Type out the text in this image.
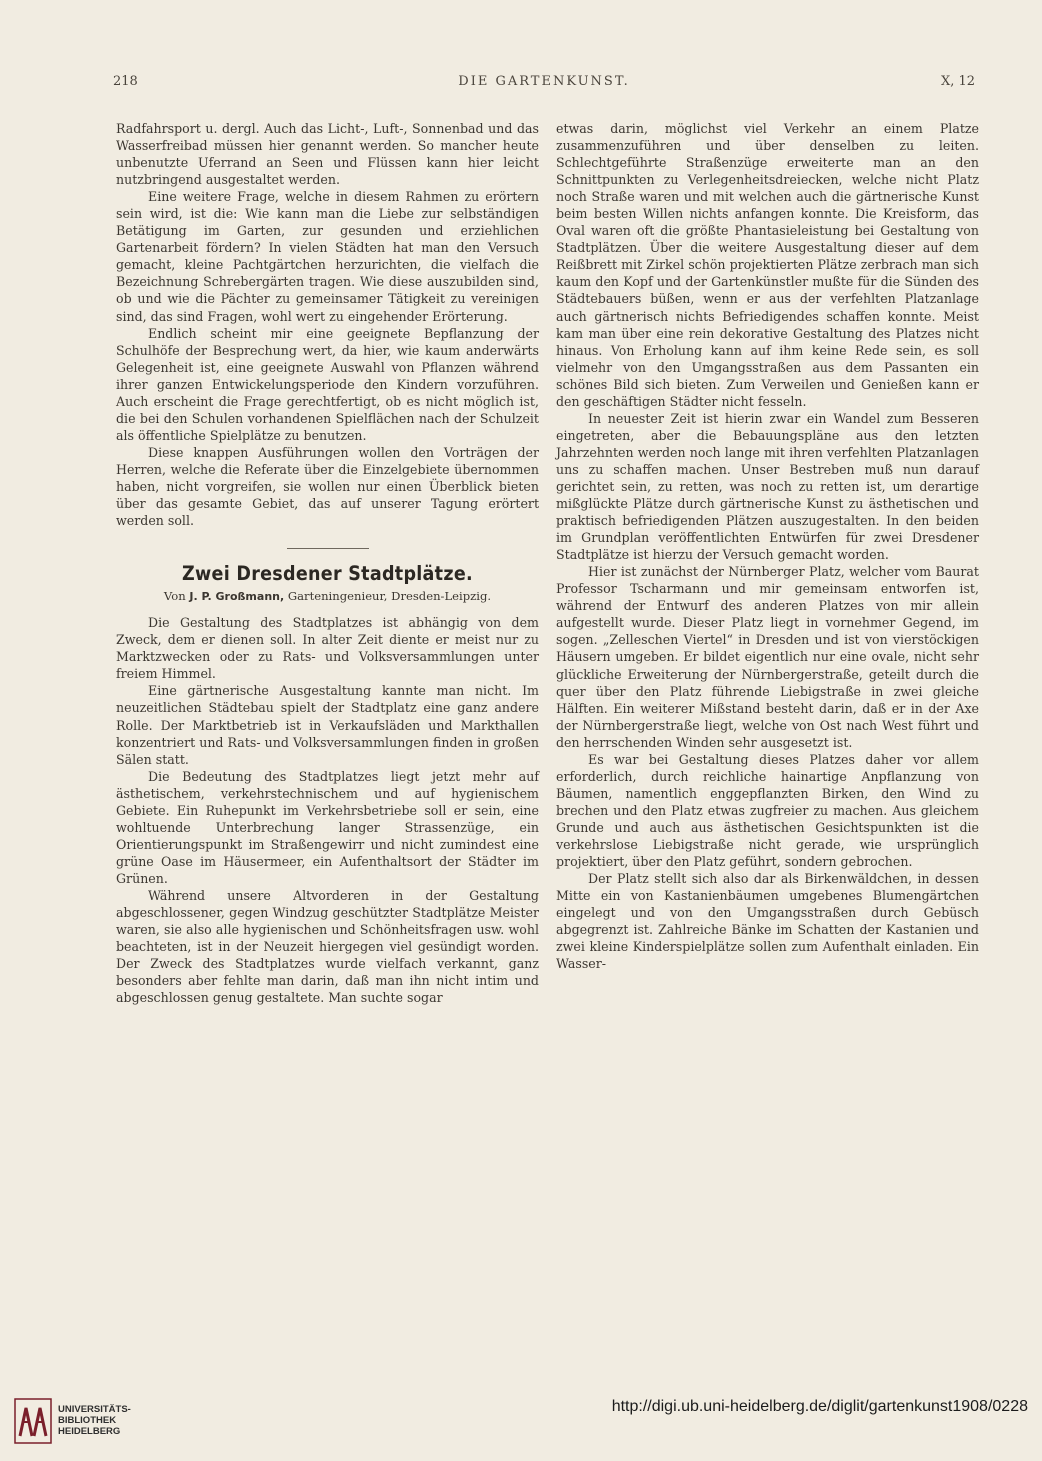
218	DIE GARTENKUNST.	X, 12

Radfahrsport u. dergl. Auch das Licht-, Luft-, Sonnenbad und das Wasserfreibad müssen hier genannt werden. So mancher heute unbenutzte Uferrand an Seen und Flüssen kann hier leicht nutzbringend ausgestaltet werden.

Eine weitere Frage, welche in diesem Rahmen zu erörtern sein wird, ist die: Wie kann man die Liebe zur selbständigen Betätigung im Garten, zur gesunden und erziehlichen Gartenarbeit fördern? In vielen Städten hat man den Versuch gemacht, kleine Pachtgärtchen herzurichten, die vielfach die Bezeichnung Schrebergärten tragen. Wie diese auszubilden sind, ob und wie die Pächter zu gemeinsamer Tätigkeit zu vereinigen sind, das sind Fragen, wohl wert zu eingehender Erörterung.

Endlich scheint mir eine geeignete Bepflanzung der Schulhöfe der Besprechung wert, da hier, wie kaum anderwärts Gelegenheit ist, eine geeignete Auswahl von Pflanzen während ihrer ganzen Entwickelungsperiode den Kindern vorzuführen. Auch erscheint die Frage gerechtfertigt, ob es nicht möglich ist, die bei den Schulen vorhandenen Spielflächen nach der Schulzeit als öffentliche Spielplätze zu benutzen.

Diese knappen Ausführungen wollen den Vorträgen der Herren, welche die Referate über die Einzelgebiete übernommen haben, nicht vorgreifen, sie wollen nur einen Überblick bieten über das gesamte Gebiet, das auf unserer Tagung erörtert werden soll.

Zwei Dresdener Stadtplätze.
Von J. P. Großmann, Garteningenieur, Dresden-Leipzig.

Die Gestaltung des Stadtplatzes ist abhängig von dem Zweck, dem er dienen soll. In alter Zeit diente er meist nur zu Marktzwecken oder zu Rats- und Volksversammlungen unter freiem Himmel.

Eine gärtnerische Ausgestaltung kannte man nicht. Im neuzeitlichen Städtebau spielt der Stadtplatz eine ganz andere Rolle. Der Marktbetrieb ist in Verkaufsläden und Markthallen konzentriert und Rats- und Volksversammlungen finden in großen Sälen statt.

Die Bedeutung des Stadtplatzes liegt jetzt mehr auf ästhetischem, verkehrstechnischem und auf hygienischem Gebiete. Ein Ruhepunkt im Verkehrsbetriebe soll er sein, eine wohltuende Unterbrechung langer Strassenzüge, ein Orientierungspunkt im Straßengewirr und nicht zumindest eine grüne Oase im Häusermeer, ein Aufenthaltsort der Städter im Grünen.

Während unsere Altvorderen in der Gestaltung abgeschlossener, gegen Windzug geschützter Stadtplätze Meister waren, sie also alle hygienischen und Schönheitsfragen usw. wohl beachteten, ist in der Neuzeit hiergegen viel gesündigt worden. Der Zweck des Stadtplatzes wurde vielfach verkannt, ganz besonders aber fehlte man darin, daß man ihn nicht intim und abgeschlossen genug gestaltete. Man suchte sogar

etwas darin, möglichst viel Verkehr an einem Platze zusammenzuführen und über denselben zu leiten. Schlechtgeführte Straßenzüge erweiterte man an den Schnittpunkten zu Verlegenheitsdreiecken, welche nicht Platz noch Straße waren und mit welchen auch die gärtnerische Kunst beim besten Willen nichts anfangen konnte. Die Kreisform, das Oval waren oft die größte Phantasieleistung bei Gestaltung von Stadtplätzen. Über die weitere Ausgestaltung dieser auf dem Reißbrett mit Zirkel schön projektierten Plätze zerbrach man sich kaum den Kopf und der Gartenkünstler mußte für die Sünden des Städtebauers büßen, wenn er aus der verfehlten Platzanlage auch gärtnerisch nichts Befriedigendes schaffen konnte. Meist kam man über eine rein dekorative Gestaltung des Platzes nicht hinaus. Von Erholung kann auf ihm keine Rede sein, es soll vielmehr von den Umgangsstraßen aus dem Passanten ein schönes Bild sich bieten. Zum Verweilen und Genießen kann er den geschäftigen Städter nicht fesseln.

In neuester Zeit ist hierin zwar ein Wandel zum Besseren eingetreten, aber die Bebauungspläne aus den letzten Jahrzehnten werden noch lange mit ihren verfehlten Platzanlagen uns zu schaffen machen. Unser Bestreben muß nun darauf gerichtet sein, zu retten, was noch zu retten ist, um derartige mißglückte Plätze durch gärtnerische Kunst zu ästhetischen und praktisch befriedigenden Plätzen auszugestalten. In den beiden im Grundplan veröffentlichten Entwürfen für zwei Dresdener Stadtplätze ist hierzu der Versuch gemacht worden.

Hier ist zunächst der Nürnberger Platz, welcher vom Baurat Professor Tscharmann und mir gemeinsam entworfen ist, während der Entwurf des anderen Platzes von mir allein aufgestellt wurde. Dieser Platz liegt in vornehmer Gegend, im sogen. „Zelleschen Viertel“ in Dresden und ist von vierstöckigen Häusern umgeben. Er bildet eigentlich nur eine ovale, nicht sehr glückliche Erweiterung der Nürnbergerstraße, geteilt durch die quer über den Platz führende Liebigstraße in zwei gleiche Hälften. Ein weiterer Mißstand besteht darin, daß er in der Axe der Nürnbergerstraße liegt, welche von Ost nach West führt und den herrschenden Winden sehr ausgesetzt ist.

Es war bei Gestaltung dieses Platzes daher vor allem erforderlich, durch reichliche hainartige Anpflanzung von Bäumen, namentlich enggepflanzten Birken, den Wind zu brechen und den Platz etwas zugfreier zu machen. Aus gleichem Grunde und auch aus ästhetischen Gesichtspunkten ist die verkehrslose Liebigstraße nicht gerade, wie ursprünglich projektiert, über den Platz geführt, sondern gebrochen.

Der Platz stellt sich also dar als Birkenwäldchen, in dessen Mitte ein von Kastanienbäumen umgebenes Blumengärtchen eingelegt und von den Umgangsstraßen durch Gebüsch abgegrenzt ist. Zahlreiche Bänke im Schatten der Kastanien und zwei kleine Kinderspielplätze sollen zum Aufenthalt einladen. Ein Wasser-

UNIVERSITÄTS-
BIBLIOTHEK
HEIDELBERG
http://digi.ub.uni-heidelberg.de/diglit/gartenkunst1908/0228
